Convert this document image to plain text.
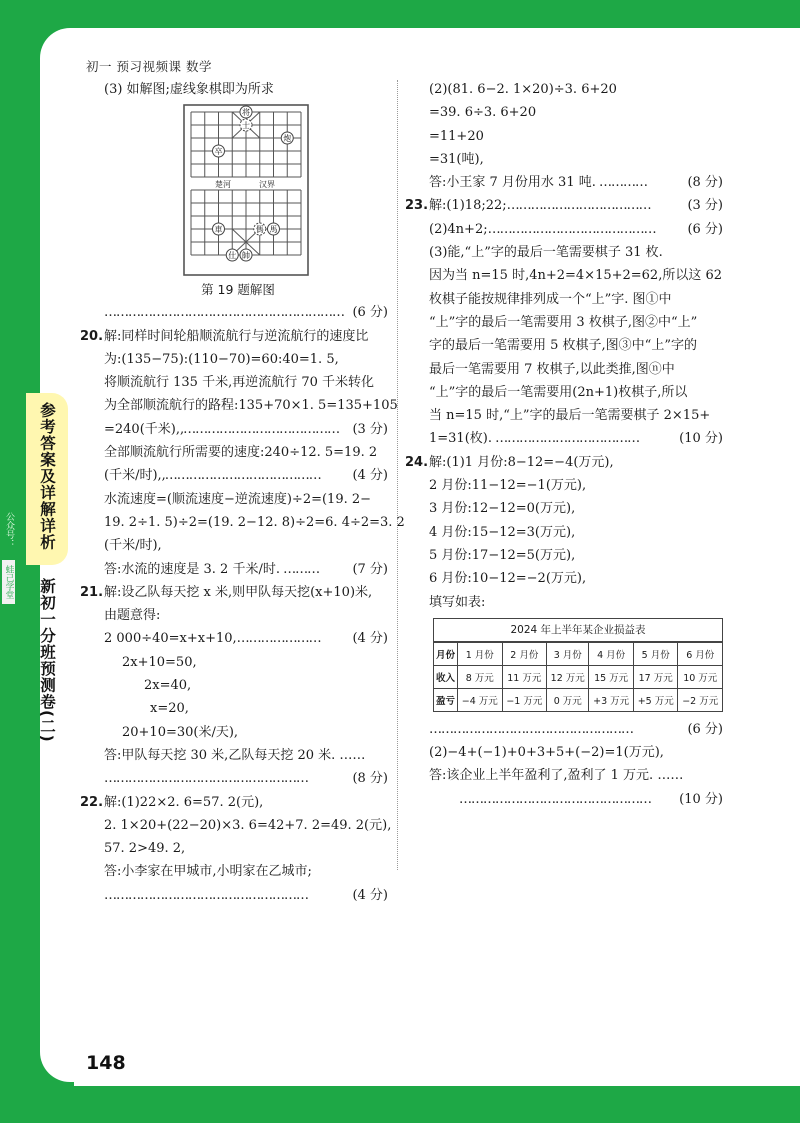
初一 预习视频课 数学
参考答案及详解详析
新初一分班预测卷(二)
公众号：
蛙己学堂
(3) 如解图;虚线象棋即为所求
楚河	汉界
将
士
炮
卒
車	傌 馬
仕 帥
第 19 题解图
…………………………………………………… (6 分)
20.解:同样时间轮船顺流航行与逆流航行的速度比
为:(135−75):(110−70)=60:40=1. 5,
将顺流航行 135 千米,再逆流航行 70 千米转化
为全部顺流航行的路程:135+70×1. 5=135+105
=240(千米),,………………………………… (3 分)
全部顺流航行所需要的速度:240÷12. 5=19. 2
(千米/时),,………………………………… (4 分)
水流速度=(顺流速度−逆流速度)÷2=(19. 2−
19. 2÷1. 5)÷2=(19. 2−12. 8)÷2=6. 4÷2=3. 2
(千米/时),
答:水流的速度是 3. 2 千米/时. ………	(7 分)
21.解:设乙队每天挖 x 米,则甲队每天挖(x+10)米,
由题意得:
2 000÷40=x+x+10,………………… (4 分)
2x+10=50,
2x=40,
x=20,
20+10=30(米/天),
答:甲队每天挖 30 米,乙队每天挖 20 米. ……
……………………………………………	(8 分)
22.解:(1)22×2. 6=57. 2(元),
2. 1×20+(22−20)×3. 6=42+7. 2=49. 2(元),
57. 2>49. 2,
答:小李家在甲城市,小明家在乙城市;
……………………………………………	(4 分)
(2)(81. 6−2. 1×20)÷3. 6+20
=39. 6÷3. 6+20
=11+20
=31(吨),
答:小王家 7 月份用水 31 吨. …………	(8 分)
23.解:(1)18;22;………………………………	(3 分)
(2)4n+2;…………………………………… (6 分)
(3)能,“上”字的最后一笔需要棋子 31 枚.
因为当 n=15 时,4n+2=4×15+2=62,所以这 62
枚棋子能按规律排列成一个“上”字. 图①中
“上”字的最后一笔需要用 3 枚棋子,图②中“上”
字的最后一笔需要用 5 枚棋子,图③中“上”字的
最后一笔需要用 7 枚棋子,以此类推,图ⓝ中
“上”字的最后一笔需要用(2n+1)枚棋子,所以
当 n=15 时,“上”字的最后一笔需要棋子 2×15+
1=31(枚). ………………………………	(10 分)
24.解:(1)1 月份:8−12=−4(万元),
2 月份:11−12=−1(万元),
3 月份:12−12=0(万元),
4 月份:15−12=3(万元),
5 月份:17−12=5(万元),
6 月份:10−12=−2(万元),
填写如表:
2024 年上半年某企业损益表
月份	1 月份	2 月份	3 月份	4 月份	5 月份	6 月份
收入	8 万元	11 万元	12 万元	15 万元	17 万元	10 万元
盈亏	−4 万元	−1 万元	0 万元	+3 万元	+5 万元	−2 万元
……………………………………………	(6 分)
(2)−4+(−1)+0+3+5+(−2)=1(万元),
答:该企业上半年盈利了,盈利了 1 万元. ……
………………………………………… (10 分)
148
